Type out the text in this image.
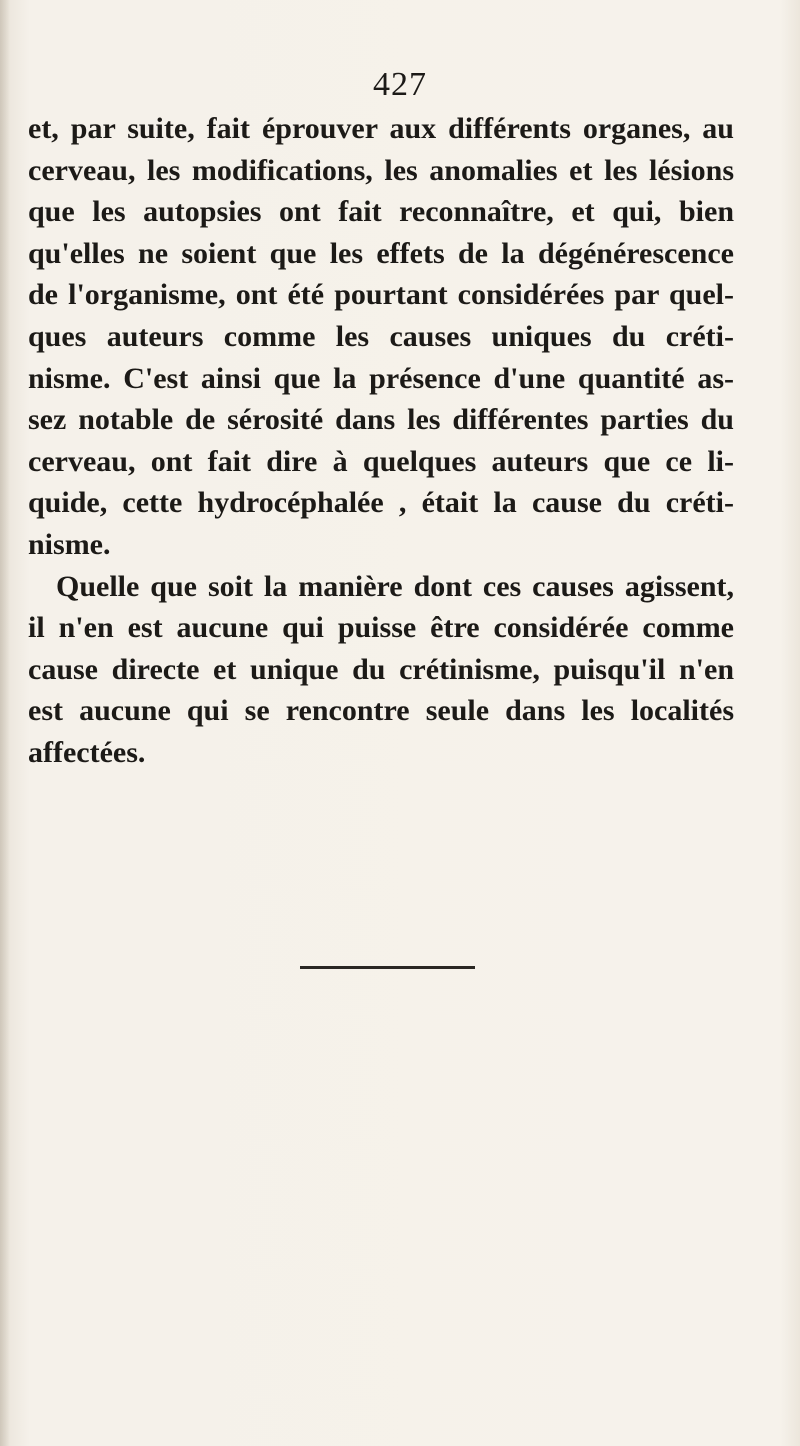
427
et, par suite, fait éprouver aux différents organes, au
cerveau, les modifications, les anomalies et les lésions
que les autopsies ont fait reconnaître, et qui, bien
qu'elles ne soient que les effets de la dégénérescence
de l'organisme, ont été pourtant considérées par quel-
ques auteurs comme les causes uniques du créti-
nisme. C'est ainsi que la présence d'une quantité as-
sez notable de sérosité dans les différentes parties du
cerveau, ont fait dire à quelques auteurs que ce li-
quide, cette hydrocéphalée , était la cause du créti-
nisme.
Quelle que soit la manière dont ces causes agissent,
il n'en est aucune qui puisse être considérée comme
cause directe et unique du crétinisme, puisqu'il n'en
est aucune qui se rencontre seule dans les localités
affectées.
